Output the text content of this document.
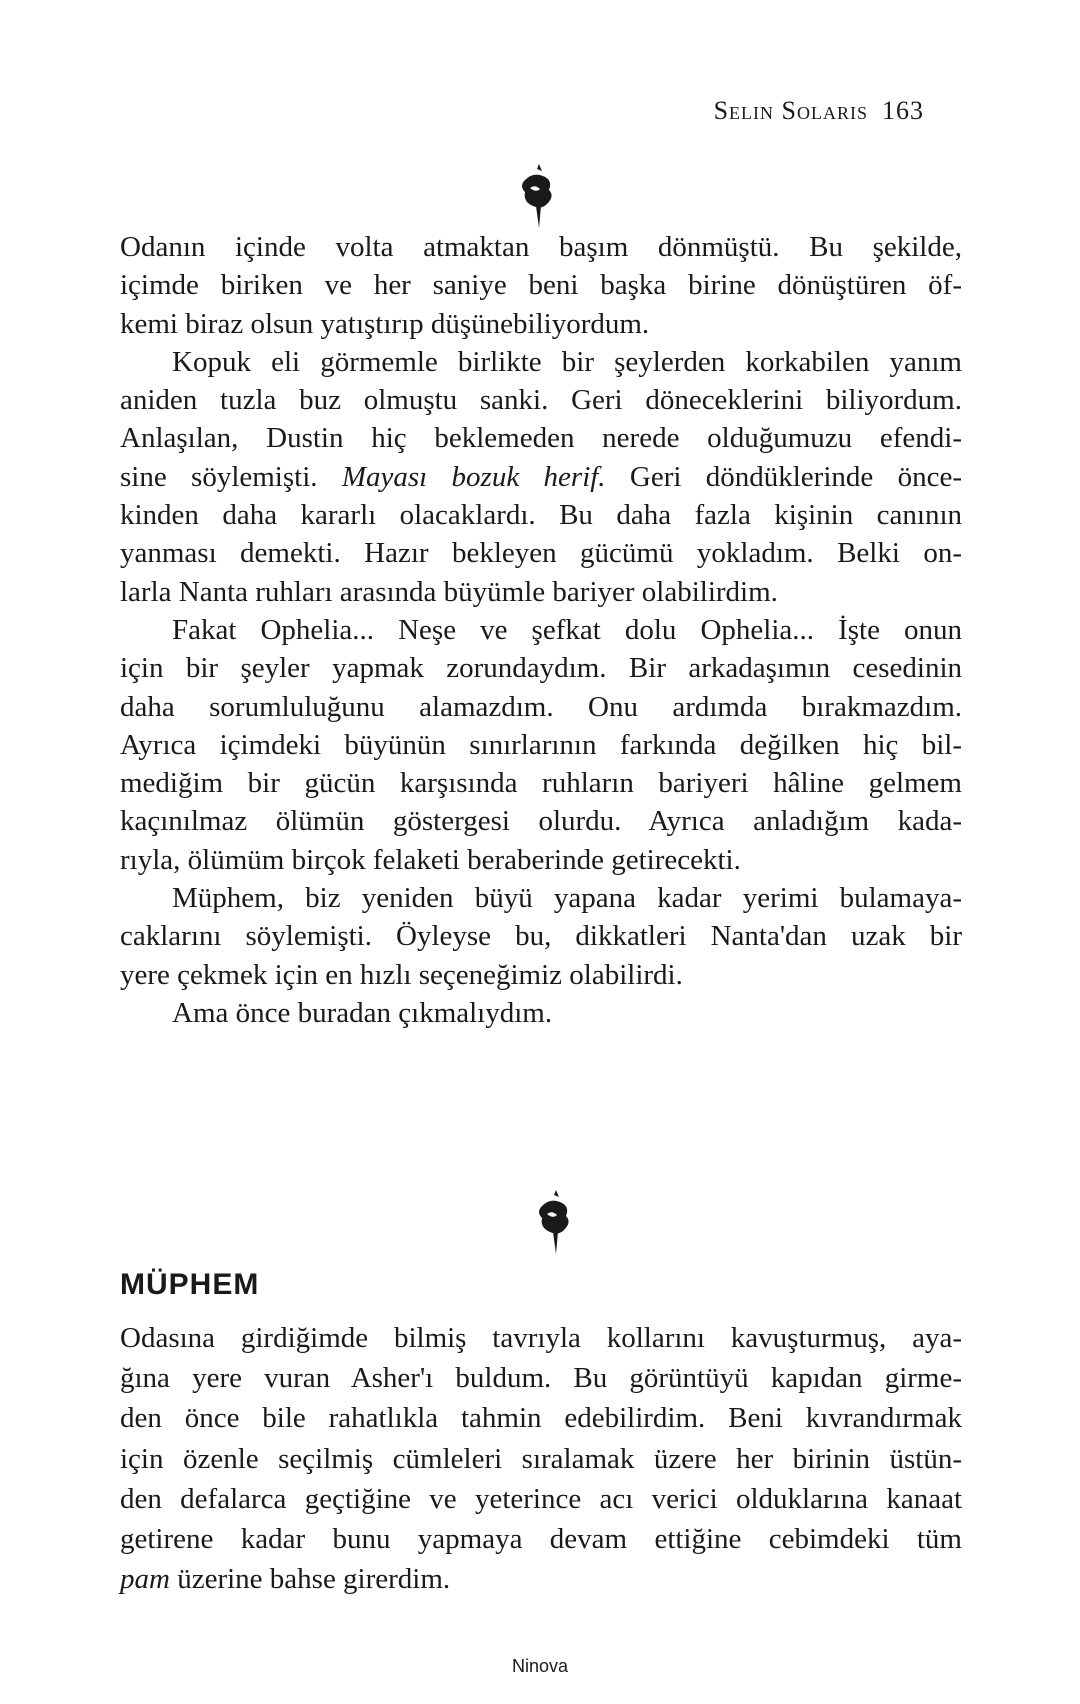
Selin Solaris 163
Odanın içinde volta atmaktan başım dönmüştü. Bu şekilde,
içimde biriken ve her saniye beni başka birine dönüştüren öf-
kemi biraz olsun yatıştırıp düşünebiliyordum.
Kopuk eli görmemle birlikte bir şeylerden korkabilen yanım
aniden tuzla buz olmuştu sanki. Geri döneceklerini biliyordum.
Anlaşılan, Dustin hiç beklemeden nerede olduğumuzu efendi-
sine söylemişti. Mayası bozuk herif. Geri döndüklerinde önce-
kinden daha kararlı olacaklardı. Bu daha fazla kişinin canının
yanması demekti. Hazır bekleyen gücümü yokladım. Belki on-
larla Nanta ruhları arasında büyümle bariyer olabilirdim.
Fakat Ophelia... Neşe ve şefkat dolu Ophelia... İşte onun
için bir şeyler yapmak zorundaydım. Bir arkadaşımın cesedinin
daha sorumluluğunu alamazdım. Onu ardımda bırakmazdım.
Ayrıca içimdeki büyünün sınırlarının farkında değilken hiç bil-
mediğim bir gücün karşısında ruhların bariyeri hâline gelmem
kaçınılmaz ölümün göstergesi olurdu. Ayrıca anladığım kada-
rıyla, ölümüm birçok felaketi beraberinde getirecekti.
Müphem, biz yeniden büyü yapana kadar yerimi bulamaya-
caklarını söylemişti. Öyleyse bu, dikkatleri Nanta'dan uzak bir
yere çekmek için en hızlı seçeneğimiz olabilirdi.
Ama önce buradan çıkmalıydım.
MÜPHEM
Odasına girdiğimde bilmiş tavrıyla kollarını kavuşturmuş, aya-
ğına yere vuran Asher'ı buldum. Bu görüntüyü kapıdan girme-
den önce bile rahatlıkla tahmin edebilirdim. Beni kıvrandırmak
için özenle seçilmiş cümleleri sıralamak üzere her birinin üstün-
den defalarca geçtiğine ve yeterince acı verici olduklarına kanaat
getirene kadar bunu yapmaya devam ettiğine cebimdeki tüm
pam üzerine bahse girerdim.
Ninova
